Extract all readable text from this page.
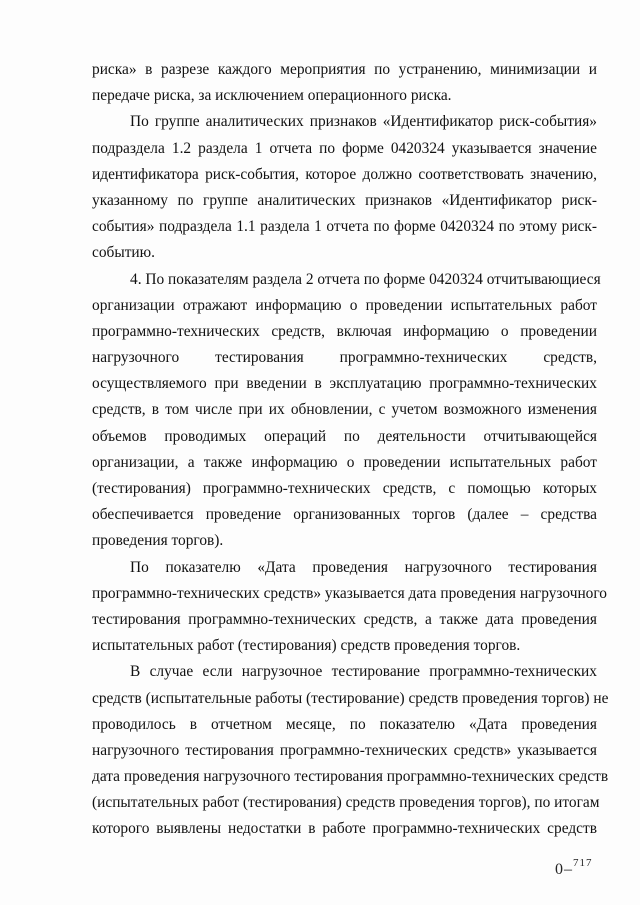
риска» в разрезе каждого мероприятия по устранению, минимизации и
передаче риска, за исключением операционного риска.
По группе аналитических признаков «Идентификатор риск-события»
подраздела 1.2 раздела 1 отчета по форме 0420324 указывается значение
идентификатора риск-события, которое должно соответствовать значению,
указанному по группе аналитических признаков «Идентификатор риск-
события» подраздела 1.1 раздела 1 отчета по форме 0420324 по этому риск-
событию.
4. По показателям раздела 2 отчета по форме 0420324 отчитывающиеся
организации отражают информацию о проведении испытательных работ
программно-технических средств, включая информацию о проведении
нагрузочного тестирования программно-технических средств,
осуществляемого при введении в эксплуатацию программно-технических
средств, в том числе при их обновлении, с учетом возможного изменения
объемов проводимых операций по деятельности отчитывающейся
организации, а также информацию о проведении испытательных работ
(тестирования) программно-технических средств, с помощью которых
обеспечивается проведение организованных торгов (далее – средства
проведения торгов).
По показателю «Дата проведения нагрузочного тестирования
программно-технических средств» указывается дата проведения нагрузочного
тестирования программно-технических средств, а также дата проведения
испытательных работ (тестирования) средств проведения торгов.
В случае если нагрузочное тестирование программно-технических
средств (испытательные работы (тестирование) средств проведения торгов) не
проводилось в отчетном месяце, по показателю «Дата проведения
нагрузочного тестирования программно-технических средств» указывается
дата проведения нагрузочного тестирования программно-технических средств
(испытательных работ (тестирования) средств проведения торгов), по итогам
которого выявлены недостатки в работе программно-технических средств
0–$^{717}$
